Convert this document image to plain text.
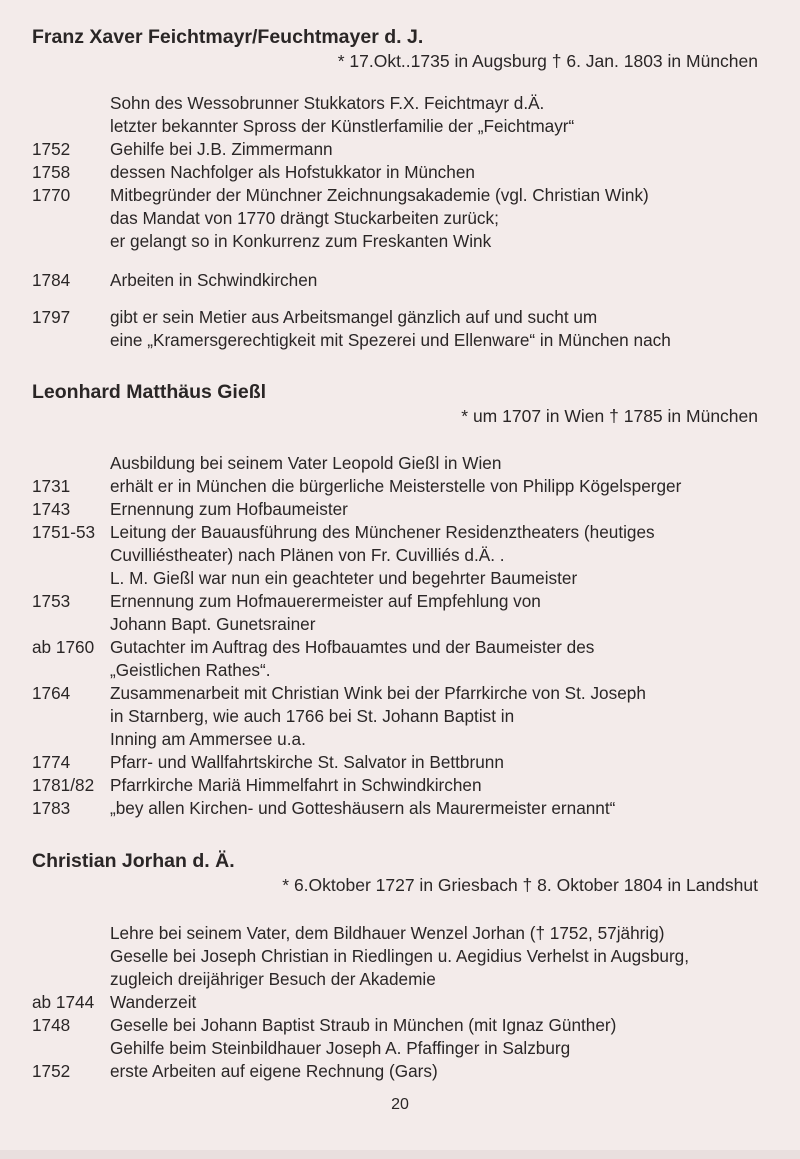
Franz Xaver Feichtmayr/Feuchtmayer d. J.
* 17.Okt..1735 in Augsburg † 6. Jan. 1803 in München
Sohn des Wessobrunner Stukkators F.X. Feichtmayr d.Ä.
letzter bekannter Spross der Künstlerfamilie der „Feichtmayr“
1752 Gehilfe bei J.B. Zimmermann
1758 dessen Nachfolger als Hofstukkator in München
1770 Mitbegründer der Münchner Zeichnungsakademie (vgl. Christian Wink)
das Mandat von 1770 drängt Stuckarbeiten zurück;
er gelangt so in Konkurrenz zum Freskanten Wink
1784 Arbeiten in Schwindkirchen
1797 gibt er sein Metier aus Arbeitsmangel gänzlich auf und sucht um
eine „Kramersgerechtigkeit mit Spezerei und Ellenware“ in München nach
Leonhard Matthäus Gießl
* um 1707 in Wien † 1785 in München
Ausbildung bei seinem Vater Leopold Gießl in Wien
1731 erhält er in München die bürgerliche Meisterstelle von Philipp Kögelsperger
1743 Ernennung zum Hofbaumeister
1751-53 Leitung der Bauausführung des Münchener Residenztheaters (heutiges
Cuvilliéstheater) nach Plänen von Fr. Cuvilliés d.Ä. .
L. M. Gießl war nun ein geachteter und begehrter Baumeister
1753 Ernennung zum Hofmauerermeister auf Empfehlung von
Johann Bapt. Gunetsrainer
ab 1760 Gutachter im Auftrag des Hofbauamtes und der Baumeister des
„Geistlichen Rathes“.
1764 Zusammenarbeit mit Christian Wink bei der Pfarrkirche von St. Joseph
in Starnberg, wie auch 1766 bei St. Johann Baptist in
Inning am Ammersee u.a.
1774 Pfarr- und Wallfahrtskirche St. Salvator in Bettbrunn
1781/82 Pfarrkirche Mariä Himmelfahrt in Schwindkirchen
1783 „bey allen Kirchen- und Gotteshäusern als Maurermeister ernannt“
Christian Jorhan d. Ä.
* 6.Oktober 1727 in Griesbach † 8. Oktober 1804 in Landshut
Lehre bei seinem Vater, dem Bildhauer Wenzel Jorhan († 1752, 57jährig)
Geselle bei Joseph Christian in Riedlingen u. Aegidius Verhelst in Augsburg,
zugleich dreijähriger Besuch der Akademie
ab 1744 Wanderzeit
1748 Geselle bei Johann Baptist Straub in München (mit Ignaz Günther)
Gehilfe beim Steinbildhauer Joseph A. Pfaffinger in Salzburg
1752 erste Arbeiten auf eigene Rechnung (Gars)
20
